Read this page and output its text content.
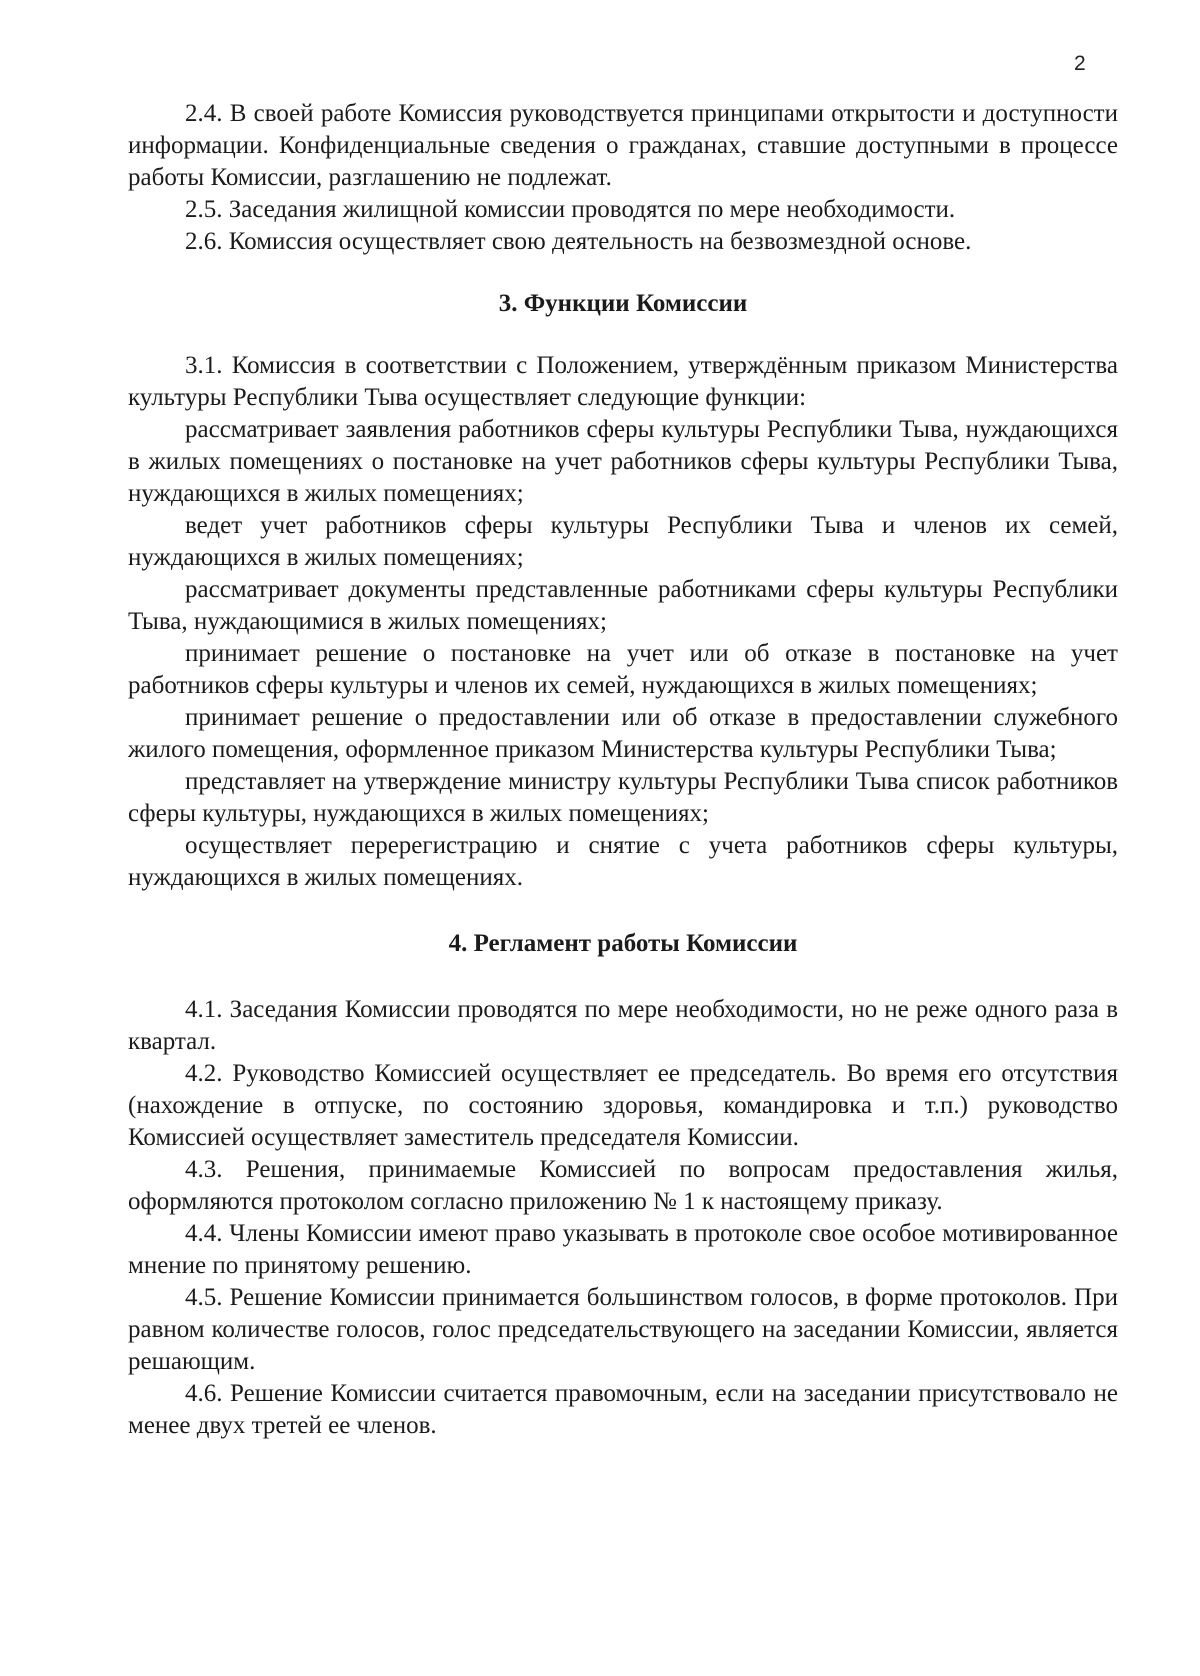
2

2.4. В своей работе Комиссия руководствуется принципами открытости и доступности информации. Конфиденциальные сведения о гражданах, ставшие доступными в процессе работы Комиссии, разглашению не подлежат.

2.5. Заседания жилищной комиссии проводятся по мере необходимости.

2.6. Комиссия осуществляет свою деятельность на безвозмездной основе.

3. Функции Комиссии

3.1. Комиссия в соответствии с Положением, утверждённым приказом Министерства культуры Республики Тыва осуществляет следующие функции:

рассматривает заявления работников сферы культуры Республики Тыва, нуждающихся в жилых помещениях о постановке на учет работников сферы культуры Республики Тыва, нуждающихся в жилых помещениях;

ведет учет работников сферы культуры Республики Тыва и членов их семей, нуждающихся в жилых помещениях;

рассматривает документы представленные работниками сферы культуры Республики Тыва, нуждающимися в жилых помещениях;

принимает решение о постановке на учет или об отказе в постановке на учет работников сферы культуры и членов их семей, нуждающихся в жилых помещениях;

принимает решение о предоставлении или об отказе в предоставлении служебного жилого помещения, оформленное приказом Министерства культуры Республики Тыва;

представляет на утверждение министру культуры Республики Тыва список работников сферы культуры, нуждающихся в жилых помещениях;

осуществляет перерегистрацию и снятие с учета работников сферы культуры, нуждающихся в жилых помещениях.

4. Регламент работы Комиссии

4.1. Заседания Комиссии проводятся по мере необходимости, но не реже одного раза в квартал.

4.2. Руководство Комиссией осуществляет ее председатель. Во время его отсутствия (нахождение в отпуске, по состоянию здоровья, командировка и т.п.) руководство Комиссией осуществляет заместитель председателя Комиссии.

4.3. Решения, принимаемые Комиссией по вопросам предоставления жилья, оформляются протоколом согласно приложению № 1 к настоящему приказу.

4.4. Члены Комиссии имеют право указывать в протоколе свое особое мотивированное мнение по принятому решению.

4.5. Решение Комиссии принимается большинством голосов, в форме протоколов. При равном количестве голосов, голос председательствующего на заседании Комиссии, является решающим.

4.6. Решение Комиссии считается правомочным, если на заседании присутствовало не менее двух третей ее членов.
